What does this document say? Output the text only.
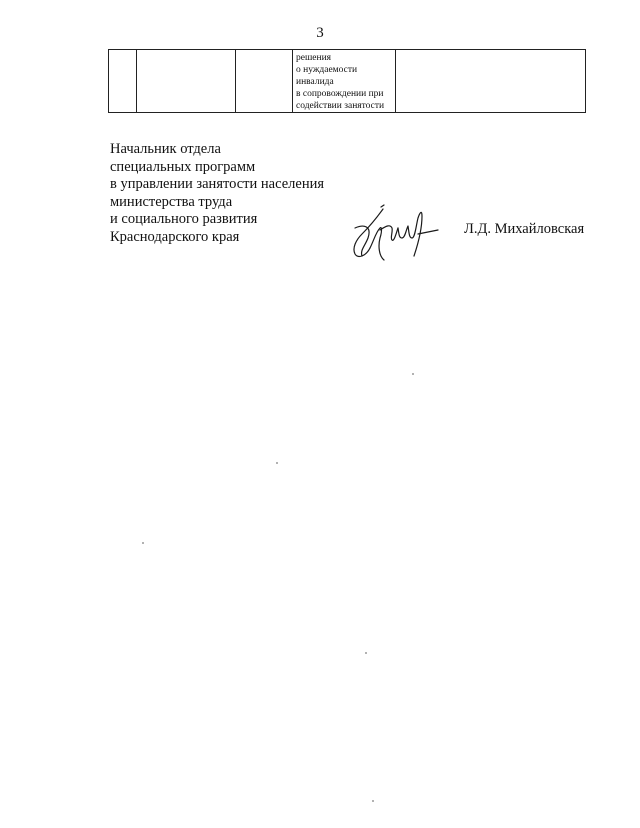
3

решения
о нуждаемости
инвалида
в сопровождении при
содействии занятости

Начальник отдела
специальных программ
в управлении занятости населения
министерства труда
и социального развития
Краснодарского края	Л.Д. Михайловская
